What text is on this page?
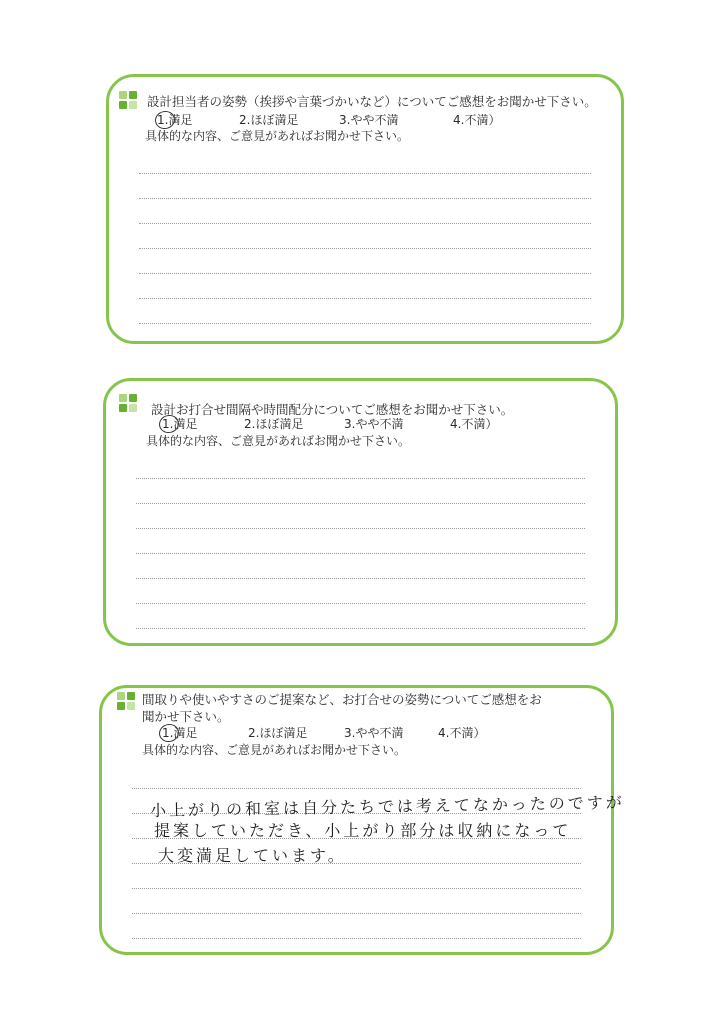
設計担当者の姿勢（挨拶や言葉づかいなど）についてご感想をお聞かせ下さい。
1.満足	2.ほぼ満足	3.やや不満	4.不満）
具体的な内容、ご意見があればお聞かせ下さい。
設計お打合せ間隔や時間配分についてご感想をお聞かせ下さい。
1.満足	2.ほぼ満足	3.やや不満	4.不満）
具体的な内容、ご意見があればお聞かせ下さい。
間取りや使いやすさのご提案など、お打合せの姿勢についてご感想をお
聞かせ下さい。
1.満足	2.ほぼ満足	3.やや不満	4.不満）
具体的な内容、ご意見があればお聞かせ下さい。
小上がりの和室は自分たちでは考えてなかったのですが
提案していただき、小上がり部分は収納になって
大変満足しています。
